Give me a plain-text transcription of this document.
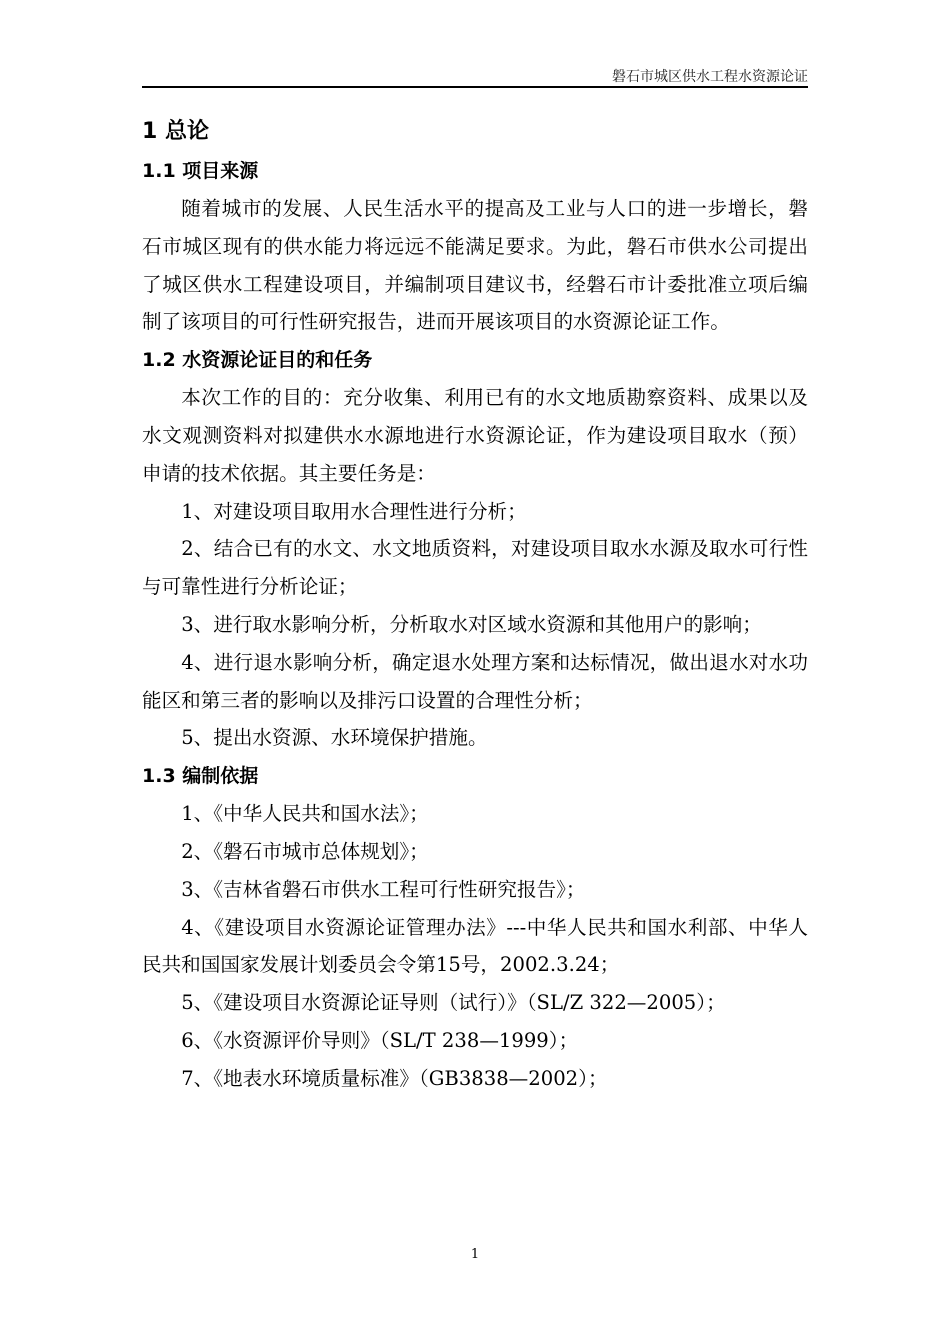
磐石市城区供水工程水资源论证
1 总论
1.1 项目来源

随着城市的发展、人民生活水平的提高及工业与人口的进一步增长，磐石市城区现有的供水能力将远远不能满足要求。为此，磐石市供水公司提出了城区供水工程建设项目，并编制项目建议书，经磐石市计委批准立项后编制了该项目的可行性研究报告，进而开展该项目的水资源论证工作。

1.2 水资源论证目的和任务

本次工作的目的：充分收集、利用已有的水文地质勘察资料、成果以及水文观测资料对拟建供水水源地进行水资源论证，作为建设项目取水（预）申请的技术依据。其主要任务是：

1、对建设项目取用水合理性进行分析；

2、结合已有的水文、水文地质资料，对建设项目取水水源及取水可行性与可靠性进行分析论证；

3、进行取水影响分析，分析取水对区域水资源和其他用户的影响；

4、进行退水影响分析，确定退水处理方案和达标情况，做出退水对水功能区和第三者的影响以及排污口设置的合理性分析；

5、提出水资源、水环境保护措施。

1.3 编制依据

1、《中华人民共和国水法》；

2、《磐石市城市总体规划》；

3、《吉林省磐石市供水工程可行性研究报告》；

4、《建设项目水资源论证管理办法》---中华人民共和国水利部、中华人民共和国国家发展计划委员会令第15号，2002.3.24；

5、《建设项目水资源论证导则（试行）》（SL/Z 322—2005）；

6、《水资源评价导则》（SL/T 238—1999）；

7、《地表水环境质量标准》（GB3838—2002）；

1
